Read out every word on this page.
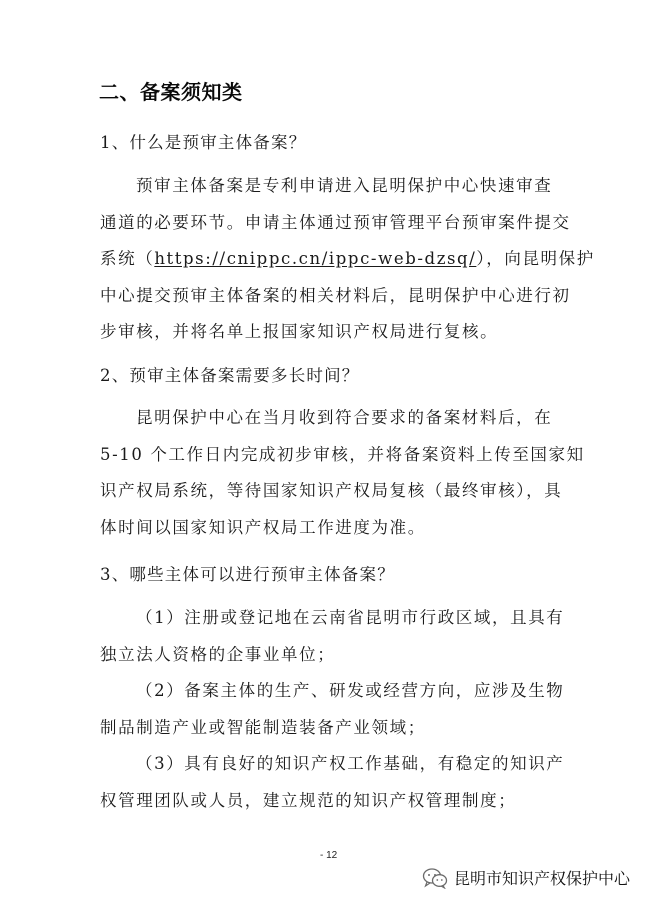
二、备案须知类

1、什么是预审主体备案？

预审主体备案是专利申请进入昆明保护中心快速审查
通道的必要环节。申请主体通过预审管理平台预审案件提交
系统（https://cnippc.cn/ippc-web-dzsq/），向昆明保护
中心提交预审主体备案的相关材料后，昆明保护中心进行初
步审核，并将名单上报国家知识产权局进行复核。

2、预审主体备案需要多长时间？

昆明保护中心在当月收到符合要求的备案材料后，在
5-10 个工作日内完成初步审核，并将备案资料上传至国家知
识产权局系统，等待国家知识产权局复核（最终审核），具
体时间以国家知识产权局工作进度为准。

3、哪些主体可以进行预审主体备案？

（1）注册或登记地在云南省昆明市行政区域，且具有
独立法人资格的企事业单位；
（2）备案主体的生产、研发或经营方向，应涉及生物
制品制造产业或智能制造装备产业领域；
（3）具有良好的知识产权工作基础，有稳定的知识产
权管理团队或人员，建立规范的知识产权管理制度；
- 12
昆明市知识产权保护中心
